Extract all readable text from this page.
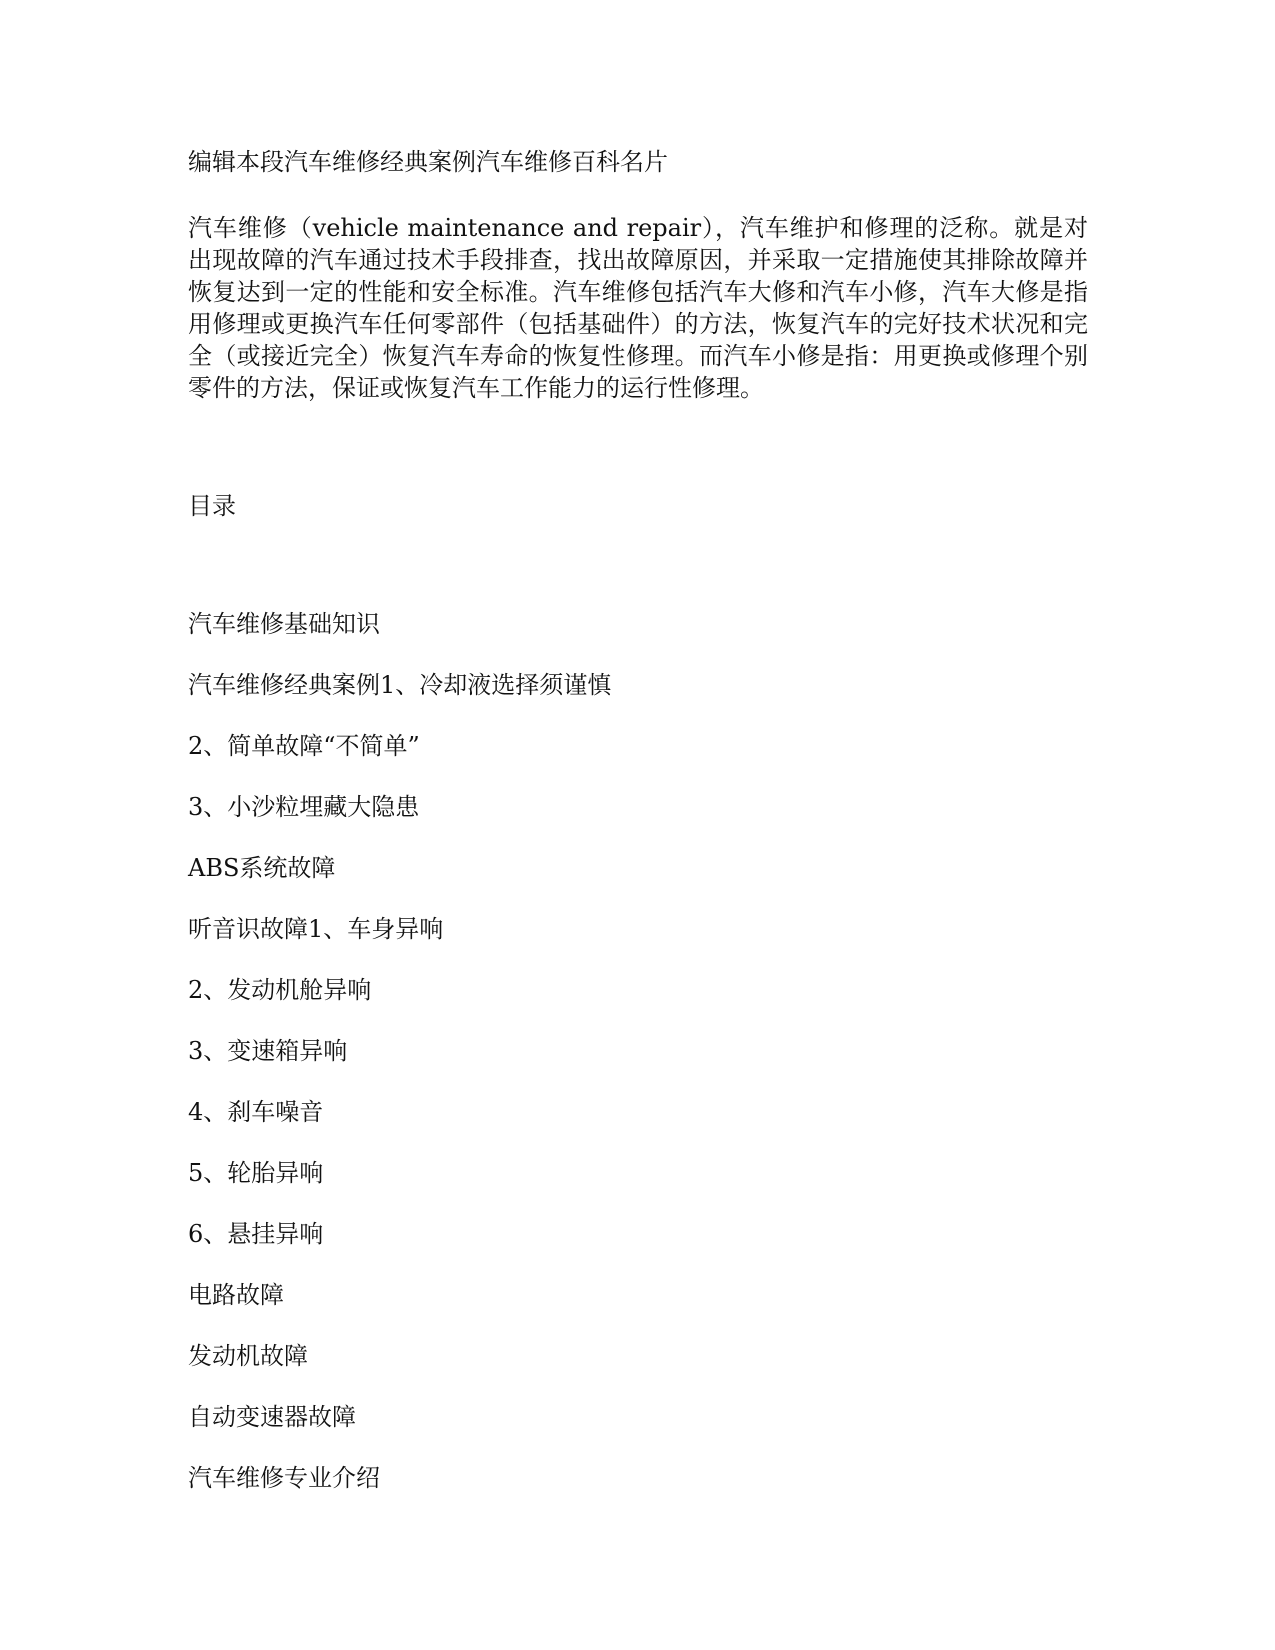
编辑本段汽车维修经典案例汽车维修百科名片

汽车维修（vehicle maintenance and repair），汽车维护和修理的泛称。就是对出现故障的汽车通过技术手段排查，找出故障原因，并采取一定措施使其排除故障并恢复达到一定的性能和安全标准。汽车维修包括汽车大修和汽车小修，汽车大修是指用修理或更换汽车任何零部件（包括基础件）的方法，恢复汽车的完好技术状况和完全（或接近完全）恢复汽车寿命的恢复性修理。而汽车小修是指：用更换或修理个别零件的方法，保证或恢复汽车工作能力的运行性修理。

目录
汽车维修基础知识
汽车维修经典案例1、冷却液选择须谨慎
2、简单故障“不简单”
3、小沙粒埋藏大隐患
ABS系统故障
听音识故障1、车身异响
2、发动机舱异响
3、变速箱异响
4、刹车噪音
5、轮胎异响
6、悬挂异响
电路故障
发动机故障
自动变速器故障
汽车维修专业介绍
